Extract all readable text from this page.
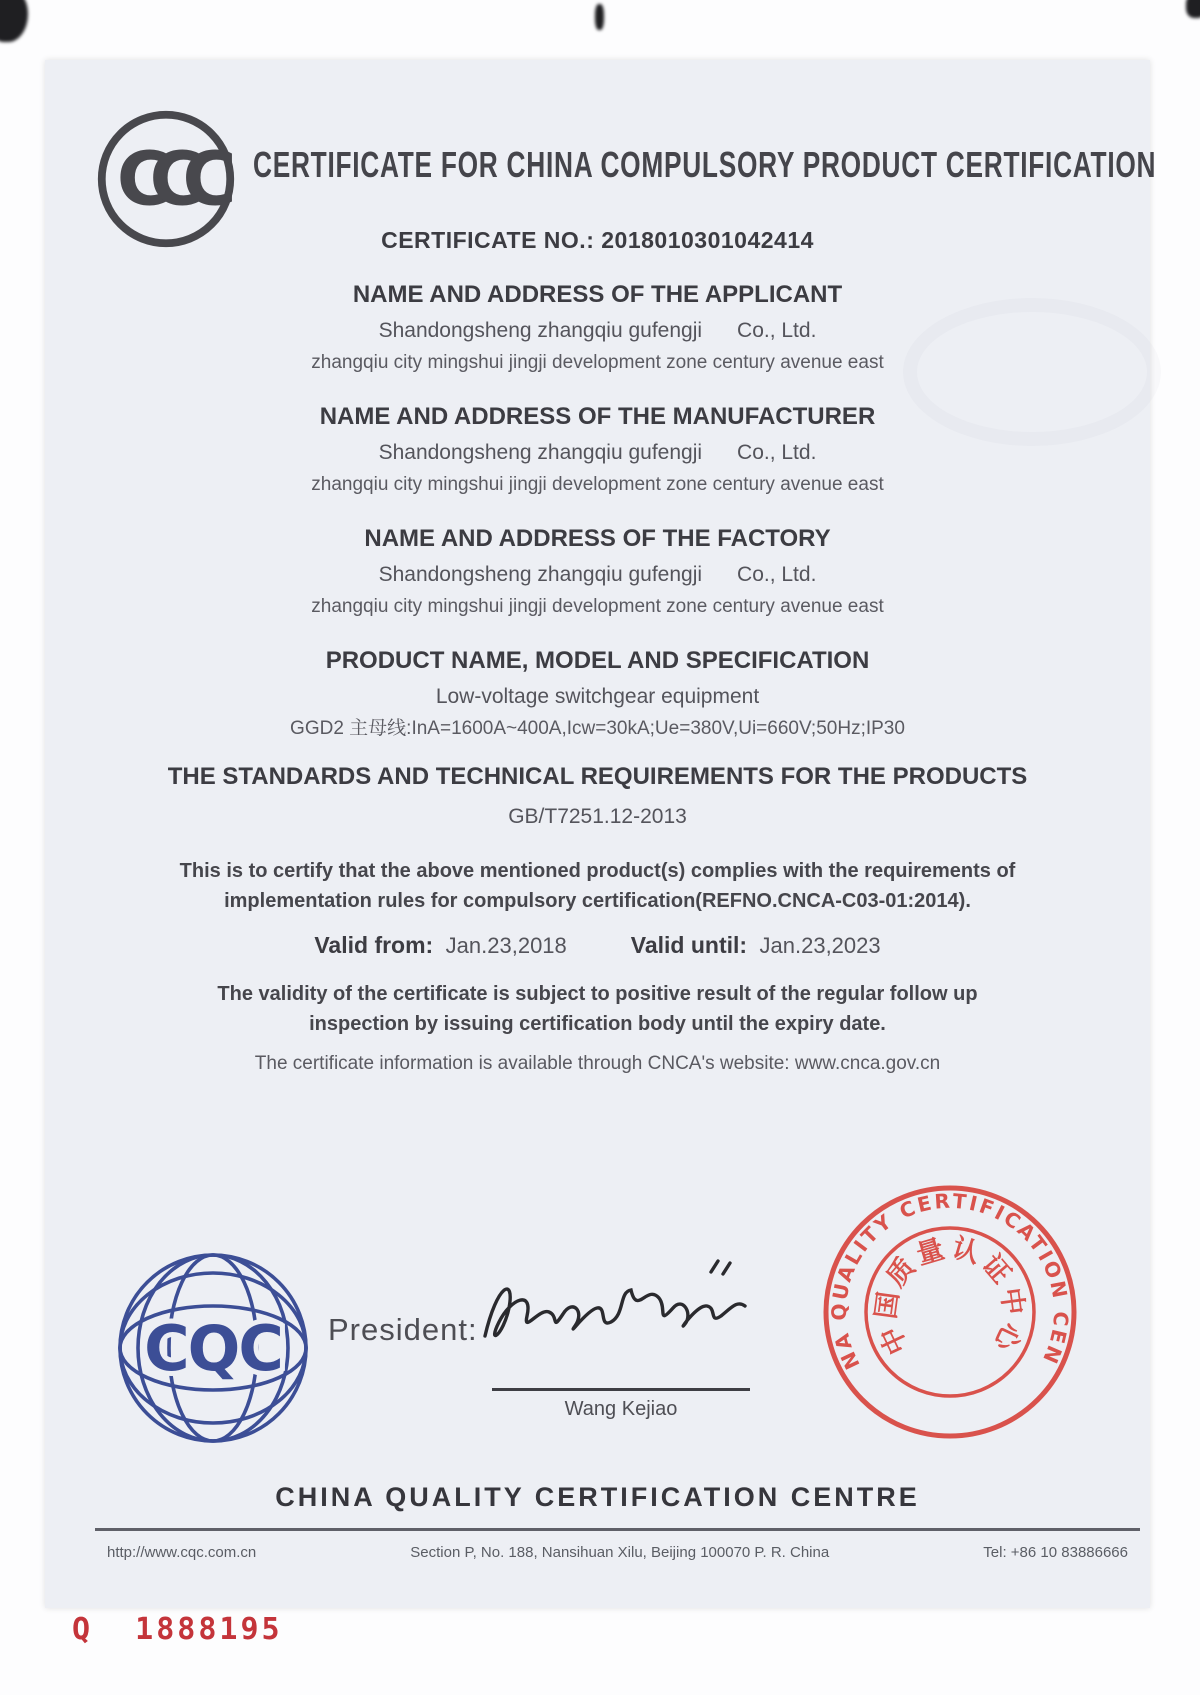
CCC	CERTIFICATE FOR CHINA COMPULSORY PRODUCT CERTIFICATION
CERTIFICATE NO.: 2018010301042414
NAME AND ADDRESS OF THE APPLICANT
Shandongsheng zhangqiu gufengji      Co., Ltd.
zhangqiu city mingshui jingji development zone century avenue east
NAME AND ADDRESS OF THE MANUFACTURER
Shandongsheng zhangqiu gufengji      Co., Ltd.
zhangqiu city mingshui jingji development zone century avenue east
NAME AND ADDRESS OF THE FACTORY
Shandongsheng zhangqiu gufengji      Co., Ltd.
zhangqiu city mingshui jingji development zone century avenue east
PRODUCT NAME, MODEL AND SPECIFICATION
Low-voltage switchgear equipment
GGD2 主母线:InA=1600A~400A,Icw=30kA;Ue=380V,Ui=660V;50Hz;IP30
THE STANDARDS AND TECHNICAL REQUIREMENTS FOR THE PRODUCTS
GB/T7251.12-2013
This is to certify that the above mentioned product(s) complies with the requirements of implementation rules for compulsory certification(REFNO.CNCA-C03-01:2014).
Valid from: Jan.23,2018	Valid until: Jan.23,2023
The validity of the certificate is subject to positive result of the regular follow up inspection by issuing certification body until the expiry date.
The certificate information is available through CNCA's website: www.cnca.gov.cn
CQC President:
Wang Kejiao
CHINA QUALITY CERTIFICATION CENTRE
中国质量认证中心
CHINA QUALITY CERTIFICATION CENTRE
http://www.cqc.com.cn	Section P, No. 188, Nansihuan Xilu, Beijing 100070 P. R. China	Tel: +86 10 83886666
Q  1888195
